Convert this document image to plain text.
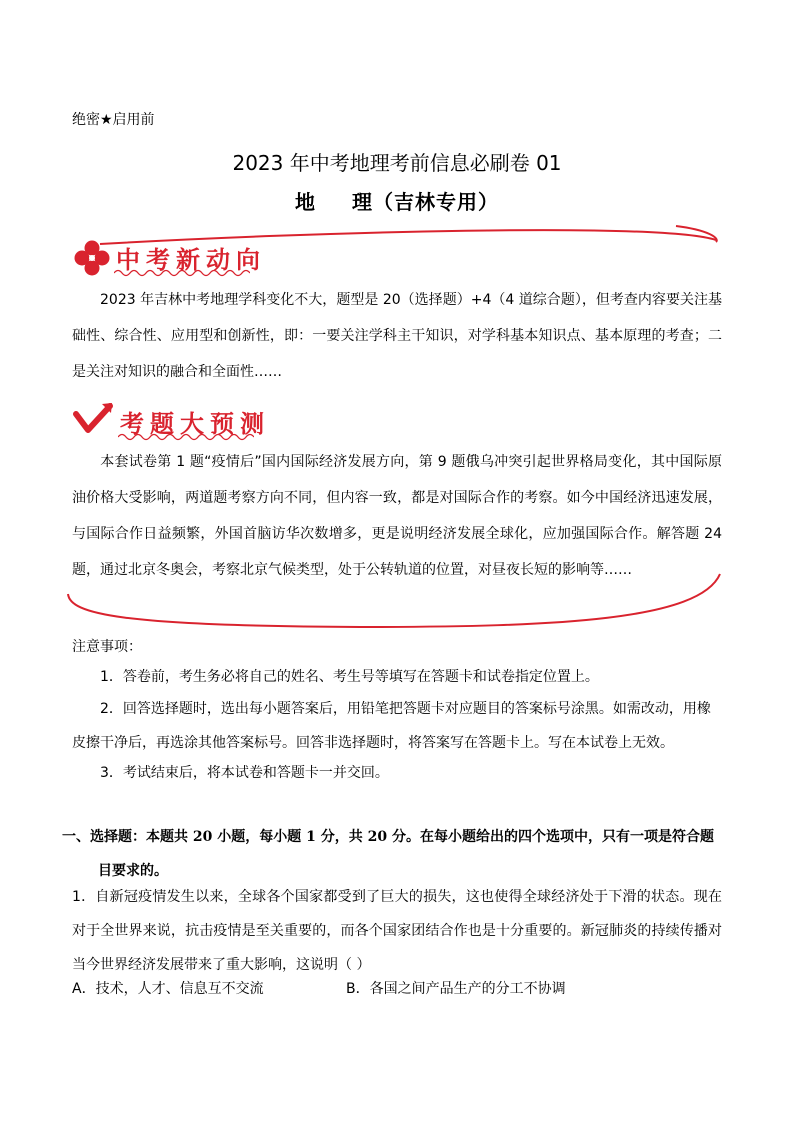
绝密★启用前
2023 年中考地理考前信息必刷卷 01
地 理（吉林专用）
中考新动向
2023 年吉林中考地理学科变化不大，题型是 20（选择题）+4（4 道综合题），但考查内容要关注基础性、综合性、应用型和创新性，即：一要关注学科主干知识，对学科基本知识点、基本原理的考查；二是关注对知识的融合和全面性……
考题大预测
本套试卷第 1 题“疫情后”国内国际经济发展方向，第 9 题俄乌冲突引起世界格局变化，其中国际原油价格大受影响，两道题考察方向不同，但内容一致，都是对国际合作的考察。如今中国经济迅速发展，与国际合作日益频繁，外国首脑访华次数增多，更是说明经济发展全球化，应加强国际合作。解答题 24 题，通过北京冬奥会，考察北京气候类型，处于公转轨道的位置，对昼夜长短的影响等……
注意事项：
1．答卷前，考生务必将自己的姓名、考生号等填写在答题卡和试卷指定位置上。
2．回答选择题时，选出每小题答案后，用铅笔把答题卡对应题目的答案标号涂黑。如需改动，用橡皮擦干净后，再选涂其他答案标号。回答非选择题时，将答案写在答题卡上。写在本试卷上无效。
3．考试结束后，将本试卷和答题卡一并交回。
一、选择题：本题共 20 小题，每小题 1 分，共 20 分。在每小题给出的四个选项中，只有一项是符合题目要求的。
1．自新冠疫情发生以来，全球各个国家都受到了巨大的损失，这也使得全球经济处于下滑的状态。现在对于全世界来说，抗击疫情是至关重要的，而各个国家团结合作也是十分重要的。新冠肺炎的持续传播对当今世界经济发展带来了重大影响，这说明（ ）
A．技术，人才、信息互不交流	B．各国之间产品生产的分工不协调
